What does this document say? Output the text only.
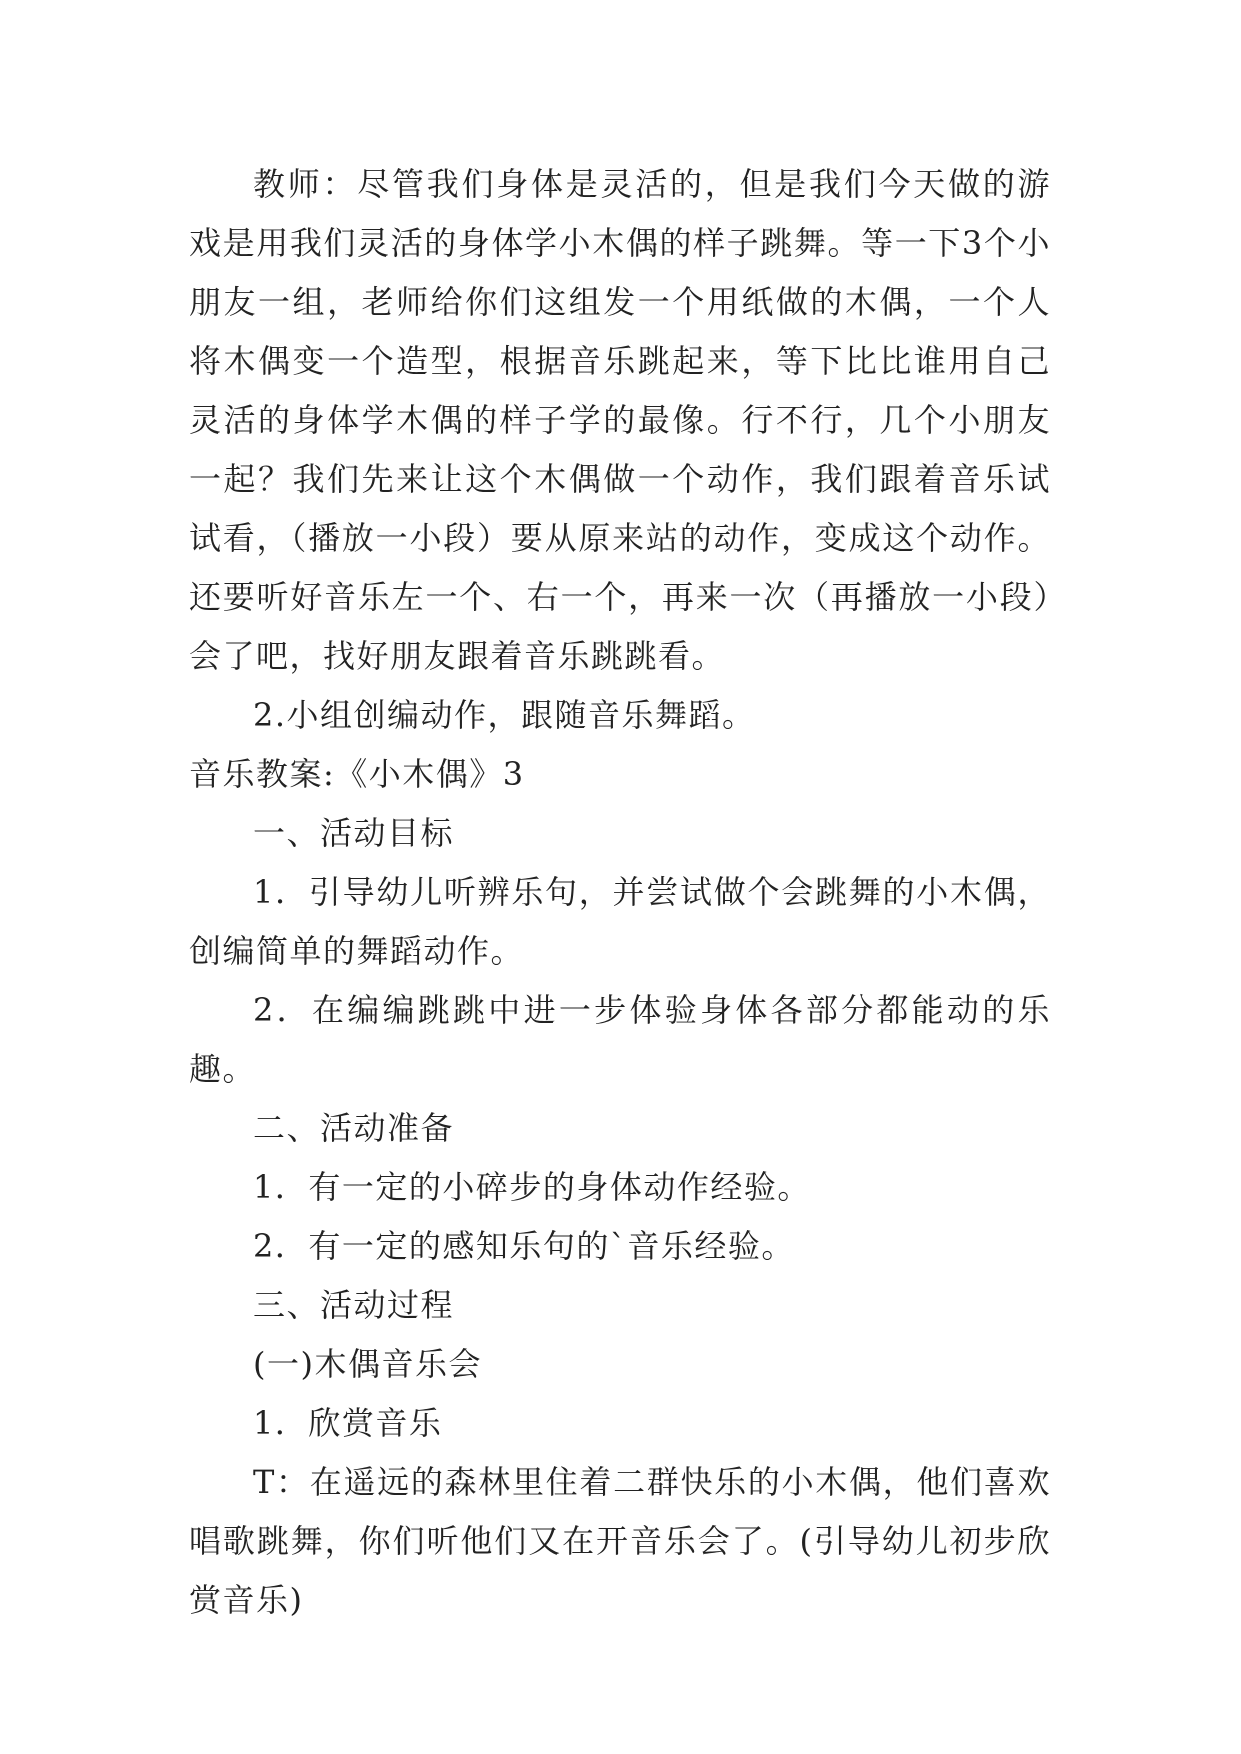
教师：尽管我们身体是灵活的，但是我们今天做的游戏是用我们灵活的身体学小木偶的样子跳舞。等一下3个小朋友一组，老师给你们这组发一个用纸做的木偶，一个人将木偶变一个造型，根据音乐跳起来，等下比比谁用自己灵活的身体学木偶的样子学的最像。行不行，几个小朋友一起？我们先来让这个木偶做一个动作，我们跟着音乐试试看，（播放一小段）要从原来站的动作，变成这个动作。还要听好音乐左一个、右一个，再来一次（再播放一小段）会了吧，找好朋友跟着音乐跳跳看。

2.小组创编动作，跟随音乐舞蹈。

音乐教案:《小木偶》3

一、活动目标

1．引导幼儿听辨乐句，并尝试做个会跳舞的小木偶，创编简单的舞蹈动作。

2．在编编跳跳中进一步体验身体各部分都能动的乐趣。

二、活动准备

1．有一定的小碎步的身体动作经验。

2．有一定的感知乐句的`音乐经验。

三、活动过程

(一)木偶音乐会

1．欣赏音乐

T：在遥远的森林里住着二群快乐的小木偶，他们喜欢唱歌跳舞，你们听他们又在开音乐会了。(引导幼儿初步欣赏音乐)
